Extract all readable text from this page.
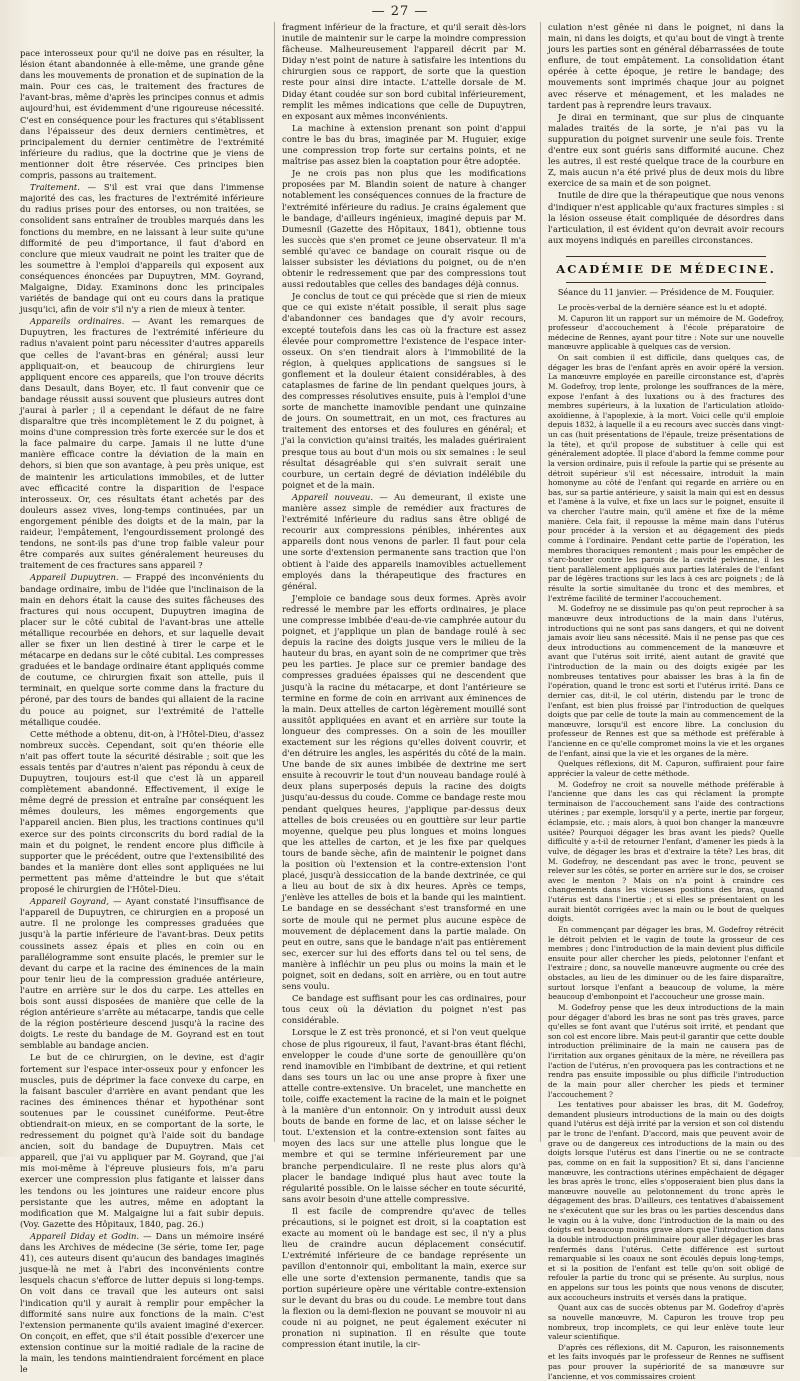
— 27 —

pace interosseux pour qu'il ne doive pas en résulter, la lésion étant abandonnée à elle-même, une grande gêne dans les mouvements de pronation et de supination de la main. Pour ces cas, le traitement des fractures de l'avant-bras, même d'après les principes connus et admis aujourd'hui, est évidemment d'une rigoureuse nécessité. C'est en conséquence pour les fractures qui s'établissent dans l'épaisseur des deux derniers centimètres, et principalement du dernier centimètre de l'extrémité inférieure du radius, que la doctrine que je viens de mentionner doit être réservée. Ces principes bien compris, passons au traitement.

Traitement. — S'il est vrai que dans l'immense majorité des cas, les fractures de l'extrémité inférieure du radius prises pour des entorses, ou non traitées, se consolident sans entraîner de troubles marqués dans les fonctions du membre, en ne laissant à leur suite qu'une difformité de peu d'importance, il faut d'abord en conclure que mieux vaudrait ne point les traiter que de les soumettre à l'emploi d'appareils qui exposent aux conséquences énoncées par Dupuytren, MM. Goyrand, Malgaigne, Diday. Examinons donc les principales variétés de bandage qui ont eu cours dans la pratique jusqu'ici, afin de voir s'il n'y a rien de mieux à tenter.

Appareils ordinaires. — Avant les remarques de Dupuytren, les fractures de l'extrémité inférieure du radius n'avaient point paru nécessiter d'autres appareils que celles de l'avant-bras en général; aussi leur appliquait-on, et beaucoup de chirurgiens leur appliquent encore ces appareils, que l'on trouve décrits dans Desault, dans Boyer, etc. Il faut convenir que ce bandage réussit aussi souvent que plusieurs autres dont j'aurai à parler ; il a cependant le défaut de ne faire disparaître que très incomplètement le Z du poignet, à moins d'une compression très forte exercée sur le dos et la face palmaire du carpe. Jamais il ne lutte d'une manière efficace contre la déviation de la main en dehors, si bien que son avantage, à peu près unique, est de maintenir les articulations immobiles, et de lutter avec efficacité contre la disparition de l'espace interosseux. Or, ces résultats étant achetés par des douleurs assez vives, long-temps continuées, par un engorgement pénible des doigts et de la main, par la raideur, l'empâtement, l'engourdissement prolongé des tendons, ne sont-ils pas d'une trop faible valeur pour être comparés aux suites généralement heureuses du traitement de ces fractures sans appareil ?

Appareil Dupuytren. — Frappé des inconvénients du bandage ordinaire, imbu de l'idée que l'inclinaison de la main en dehors était la cause des suites fâcheuses des fractures qui nous occupent, Dupuytren imagina de placer sur le côté cubital de l'avant-bras une attelle métallique recourbée en dehors, et sur laquelle devait aller se fixer un lien destiné à tirer le carpe et le métacarpe en dedans sur le côté cubital. Les compresses graduées et le bandage ordinaire étant appliqués comme de coutume, ce chirurgien fixait son attelle, puis il terminait, en quelque sorte comme dans la fracture du péroné, par des tours de bandes qui allaient de la racine du pouce au poignet, sur l'extrémité de l'attelle métallique coudée.

Cette méthode a obtenu, dit-on, à l'Hôtel-Dieu, d'assez nombreux succès. Cependant, soit qu'en théorie elle n'ait pas offert toute la sécurité désirable ; soit que les essais tentés par d'autres n'aient pas répondu à ceux de Dupuytren, toujours est-il que c'est là un appareil complètement abandonné. Effectivement, il exige le même degré de pression et entraîne par conséquent les mêmes douleurs, les mêmes engorgements que l'appareil ancien. Bien plus, les tractions continues qu'il exerce sur des points circonscrits du bord radial de la main et du poignet, le rendent encore plus difficile à supporter que le précédent, outre que l'extensibilité des bandes et la manière dont elles sont appliquées ne lui permettent pas même d'atteindre le but que s'était proposé le chirurgien de l'Hôtel-Dieu.

Appareil Goyrand, — Ayant constaté l'insuffisance de l'appareil de Dupuytren, ce chirurgien en a proposé un autre. Il ne prolonge les compresses graduées que jusqu'à la partie inférieure de l'avant-bras. Deux petits coussinets assez épais et plies en coin ou en parallélogramme sont ensuite placés, le premier sur le devant du carpe et la racine des éminences de la main pour tenir lieu de la compression graduée antérieure, l'autre en arrière sur le dos du carpe. Les attelles en bois sont aussi disposées de manière que celle de la région antérieure s'arrête au métacarpe, tandis que celle de la région postérieure descend jusqu'à la racine des doigts. Le reste du bandage de M. Goyrand est en tout semblable au bandage ancien.

Le but de ce chirurgien, on le devine, est d'agir fortement sur l'espace inter-osseux pour y enfoncer les muscles, puis de déprimer la face convexe du carpe, en la faisant basculer d'arrière en avant pendant que les racines des éminences thénar et hypothénar sont soutenues par le coussinet cunéiforme. Peut-être obtiendrait-on mieux, en se comportant de la sorte, le redressement du poignet qu'à l'aide soit du bandage ancien, soit du bandage de Dupuytren. Mais cet appareil, que j'ai vu appliquer par M. Goyrand, que j'ai mis moi-même à l'épreuve plusieurs fois, m'a paru exercer une compression plus fatigante et laisser dans les tendons ou les jointures une raideur encore plus persistante que les autres, même en adoptant la modification que M. Malgaigne lui a fait subir depuis. (Voy. Gazette des Hôpitaux, 1840, pag. 26.)

Appareil Diday et Godin. — Dans un mémoire inséré dans les Archives de médecine (3e série, tome Ier, page 41), ces auteurs disent qu'aucun des bandages imaginés jusque-là ne met à l'abri des inconvénients contre lesquels chacun s'efforce de lutter depuis si long-temps. On voit dans ce travail que les auteurs ont saisi l'indication qu'il y aurait à remplir pour empêcher la difformité sans nuire aux fonctions de la main. C'est l'extension permanente qu'ils avaient imaginé d'exercer. On conçoit, en effet, que s'il était possible d'exercer une extension continue sur la moitié radiale de la racine de la main, les tendons maintiendraient forcément en place le

fragment inférieur de la fracture, et qu'il serait dès-lors inutile de maintenir sur le carpe la moindre compression fâcheuse. Malheureusement l'appareil décrit par M. Diday n'est point de nature à satisfaire les intentions du chirurgien sous ce rapport, de sorte que la question reste pour ainsi dire intacte. L'attelle dorsale de M. Diday étant coudée sur son bord cubital inférieurement, remplit les mêmes indications que celle de Dupuytren, en exposant aux mêmes inconvénients.

La machine à extension prenant son point d'appui contre le bas du bras, imaginée par M. Huguier, exige une compression trop forte sur certains points, et ne maîtrise pas assez bien la coaptation pour être adoptée.

Je ne crois pas non plus que les modifications proposées par M. Blandin soient de nature à changer notablement les conséquences connues de la fracture de l'extrémité inférieure du radius. Je crains également que le bandage, d'ailleurs ingénieux, imaginé depuis par M. Dumesnil (Gazette des Hôpitaux, 1841), obtienne tous les succès que s'en promet ce jeune observateur. Il m'a semblé qu'avec ce bandage on courait risque ou de laisser subsister les déviations du poignet, ou de n'en obtenir le redressement que par des compressions tout aussi redoutables que celles des bandages déjà connus.

Je conclus de tout ce qui précède que si rien de mieux que ce qui existe n'était possible, il serait plus sage d'abandonner ces bandages que d'y avoir recours, excepté toutefois dans les cas où la fracture est assez élevée pour compromettre l'existence de l'espace inter-osseux. On s'en tiendrait alors à l'immobilité de la région, à quelques applications de sangsues si le gonflement et la douleur étaient considérables, à des cataplasmes de farine de lin pendant quelques jours, à des compresses résolutives ensuite, puis à l'emploi d'une sorte de manchette inamovible pendant une quinzaine de jours. On soumettrait, en un mot, ces fractures au traitement des entorses et des foulures en général; et j'ai la conviction qu'ainsi traités, les malades guériraient presque tous au bout d'un mois ou six semaines : le seul résultat désagréable qui s'en suivrait serait une courbure, un certain degré de déviation indélébile du poignet et de la main.

Appareil nouveau. — Au demeurant, il existe une manière assez simple de remédier aux fractures de l'extrémité inférieure du radius sans être obligé de recourir aux compressions pénibles, inhérentes aux appareils dont nous venons de parler. Il faut pour cela une sorte d'extension permanente sans traction que l'on obtient à l'aide des appareils inamovibles actuellement employés dans la thérapeutique des fractures en général.

J'emploie ce bandage sous deux formes. Après avoir redressé le membre par les efforts ordinaires, je place une compresse imbibée d'eau-de-vie camphrée autour du poignet, et j'applique un plan de bandage roulé à sec depuis la racine des doigts jusque vers le milieu de la hauteur du bras, en ayant soin de ne comprimer que très peu les parties. Je place sur ce premier bandage des compresses graduées épaisses qui ne descendent que jusqu'à la racine du métacarpe, et dont l'antérieure se termine en forme de coin en arrivant aux éminences de la main. Deux attelles de carton légèrement mouillé sont aussitôt appliquées en avant et en arrière sur toute la longueur des compresses. On a soin de les mouiller exactement sur les régions qu'elles doivent couvrir, et d'en détruire les angles, les aspérités du côté de la main. Une bande de six aunes imbibée de dextrine me sert ensuite à recouvrir le tout d'un nouveau bandage roulé à deux plans superposés depuis la racine des doigts jusqu'au-dessus du coude. Comme ce bandage reste mou pendant quelques heures, j'applique par-dessus deux attelles de bois creusées ou en gouttière sur leur partie moyenne, quelque peu plus longues et moins longues que les attelles de carton, et je les fixe par quelques tours de bande sèche, afin de maintenir le poignet dans la position où l'extension et la contre-extension l'ont placé, jusqu'à dessiccation de la bande dextrinée, ce qui a lieu au bout de six à dix heures. Après ce temps, j'enlève les attelles de bois et la bande qui les maintient. Le bandage en se desséchant s'est transformé en une sorte de moule qui ne permet plus aucune espèce de mouvement de déplacement dans la partie malade. On peut en outre, sans que le bandage n'ait pas entièrement sec, exercer sur lui des efforts dans tel ou tel sens, de manière à infléchir un peu plus ou moins la main et le poignet, soit en dedans, soit en arrière, ou en tout autre sens voulu.

Ce bandage est suffisant pour les cas ordinaires, pour tous ceux où la déviation du poignet n'est pas considérable.

Lorsque le Z est très prononcé, et si l'on veut quelque chose de plus rigoureux, il faut, l'avant-bras étant fléchi, envelopper le coude d'une sorte de genouillère qu'on rend inamovible en l'imbibant de dextrine, et qui retient dans ses tours un lac ou une anse propre à fixer une attelle contre-extensive. Un bracelet, une manchette en toile, coiffe exactement la racine de la main et le poignet à la manière d'un entonnoir. On y introduit aussi deux bouts de bande en forme de lac, et on laisse sécher le tout. L'extension et la contre-extension sont faites au moyen des lacs sur une attelle plus longue que le membre et qui se termine inférieurement par une branche perpendiculaire. Il ne reste plus alors qu'à placer le bandage indiqué plus haut avec toute la régularité possible. On le laisse sécher en toute sécurité, sans avoir besoin d'une attelle compressive.

Il est facile de comprendre qu'avec de telles précautions, si le poignet est droit, si la coaptation est exacte au moment où le bandage est sec, il n'y a plus lieu de craindre aucun déplacement consécutif. L'extrémité inférieure de ce bandage représente un pavillon d'entonnoir qui, embolitant la main, exerce sur elle une sorte d'extension permanente, tandis que sa portion supérieure opère une véritable contre-extension sur le devant du bras ou du coude. Le membre tout dans la flexion ou la demi-flexion ne pouvant se mouvoir ni au coude ni au poignet, ne peut également exécuter ni pronation ni supination. Il en résulte que toute compression étant inutile, la cir-

culation n'est gênée ni dans le poignet, ni dans la main, ni dans les doigts, et qu'au bout de vingt à trente jours les parties sont en général débarrassées de toute enflure, de tout empâtement. La consolidation étant opérée à cette époque, je retire le bandage; des mouvements sont imprimés chaque jour au poignet avec réserve et ménagement, et les malades ne tardent pas à reprendre leurs travaux.

Je dirai en terminant, que sur plus de cinquante malades traités de la sorte, je n'ai pas vu la suppuration du poignet survenir une seule fois. Trente d'entre eux sont guéris sans difformité aucune. Chez les autres, il est resté quelque trace de la courbure en Z, mais aucun n'a été privé plus de deux mois du libre exercice de sa main et de son poignet.

Inutile de dire que la thérapeutique que nous venons d'indiquer n'est applicable qu'aux fractures simples : si la lésion osseuse était compliquée de désordres dans l'articulation, il est évident qu'on devrait avoir recours aux moyens indiqués en pareilles circonstances.

ACADÉMIE DE MÉDECINE.
Séance du 11 janvier. — Présidence de M. Fouquier.

Le procès-verbal de la dernière séance est lu et adopté.

M. Capuron lit un rapport sur un mémoire de M. Godefroy, professeur d'accouchement à l'école préparatoire de médecine de Rennes, ayant pour titre : Note sur une nouvelle manœuvre applicable à quelques cas de version.

On sait combien il est difficile, dans quelques cas, de dégager les bras de l'enfant après en avoir opéré la version. La manœuvre employée en pareille circonstance est, d'après M. Godefroy, trop lente, prolonge les souffrances de la mère, expose l'enfant à des luxations ou à des fractures des membres supérieurs, à la luxation de l'articulation atloïdo-axoïdienne, à l'apoplexie, à la mort. Voici celle qu'il emploie depuis 1832, à laquelle il a eu recours avec succès dans vingt-un cas (huit présentations de l'épaule, treize présentations de la tête), et qu'il propose de substituer à celle qui est généralement adoptée. Il place d'abord la femme comme pour la version ordinaire, puis il refoule la partie qui se présente au détroit supérieur s'il est nécessaire, introduit la main homonyme au côté de l'enfant qui regarde en arrière ou en bas, sur sa partie antérieure, y saisit la main qui est en dessus et l'amène à la vulve, et fixe un lacs sur le poignet, ensuite il va chercher l'autre main, qu'il amène et fixe de la même manière. Cela fait, il repousse la même main dans l'utérus pour procéder à la version et au dégagement des pieds comme à l'ordinaire. Pendant cette partie de l'opération, les membres thoraciques remontent ; mais pour les empêcher de s'arc-bouter contre les parois de la cavité pelvienne, il les tient parallèlement appliqués aux parties latérales de l'enfant par de légères tractions sur les lacs à ces arc poignets ; de là résulte la sortie simultanée du tronc et des membres, et l'extrême facilité de terminer l'accouchement.

M. Godefroy ne se dissimule pas qu'on peut reprocher à sa manœuvre deux introductions de la main dans l'utérus, introductions qui ne sont pas sans dangers, et qui ne doivent jamais avoir lieu sans nécessité. Mais il ne pense pas que ces deux introductions au commencement de la manœuvre et avant que l'utérus soit irrité, aient autant de gravité que l'introduction de la main ou des doigts exigée par les nombreuses tentatives pour abaisser les bras à la fin de l'opération, quand le tronc est sorti et l'utérus irrité. Dans ce dernier cas, dit-il, le col utérin, distendu par le tronc de l'enfant, est bien plus froissé par l'introduction de quelques doigts que par celle de toute la main au commencement de la manœuvre, lorsqu'il est encore libre. La conclusion du professeur de Rennes est que sa méthode est préférable à l'ancienne en ce qu'elle compromet moins la vie et les organes de l'enfant, ainsi que la vie et les organes de la mère.

Quelques réflexions, dit M. Capuron, suffiraient pour faire apprécier la valeur de cette méthode.

M. Godefroy ne croit sa nouvelle méthode préférable à l'ancienne que dans les cas qui réclament la prompte terminaison de l'accouchement sans l'aide des contractions utérines ; par exemple, lorsqu'il y a perte, inertie par forgeur, éclampsie, etc. ; mais alors, à quoi bon changer la manœuvre usitée? Pourquoi dégager les bras avant les pieds? Quelle difficulté y a-t-il de retourner l'enfant, d'amener les pieds à la vulve, de dégager les bras et d'extraire la tête? Les bras, dit M. Godefroy, ne descendant pas avec le tronc, peuvent se relever sur les côtés, se porter en arrière sur le dos, se croiser avec le menton ? Mais on n'a point à craindre ces changements dans les vicieuses positions des bras, quand l'utérus est dans l'inertie ; et si elles se présentaient on les aurait bientôt corrigées avec la main ou le bout de quelques doigts.

En commençant par dégager les bras, M. Godefroy rétrécit le détroit pelvien et le vagin de toute la grosseur de ces membres ; donc l'introduction de la main devient plus difficile ensuite pour aller chercher les pieds, pelotonner l'enfant et l'extraire ; donc, sa nouvelle manœuvre augmente ou crée des obstacles, au lieu de les diminuer ou de les faire disparaître, surtout lorsque l'enfant a beaucoup de volume, la mère beaucoup d'embonpoint et l'accoucheur une grosse main.

M. Godefroy pense que les deux introductions de la main pour dégager d'abord les bras ne sont pas très graves, parce qu'elles se font avant que l'utérus soit irrité, et pendant que son col est encore libre. Mais peut-il garantir que cette double introduction préliminaire de la main ne causera pas de l'irritation aux organes génitaux de la mère, ne réveillera pas l'action de l'utérus, n'en provoquera pas les contractions et ne rendra pas ensuite impossible ou plus difficile l'introduction de la main pour aller chercher les pieds et terminer l'accouchement ?

Les tentatives pour abaisser les bras, dit M. Godefroy, demandent plusieurs introductions de la main ou des doigts quand l'utérus est déjà irrité par la version et son col distendu par le tronc de l'enfant. D'accord, mais que peuvent avoir de grave ou de dangereux ces introductions de la main ou des doigts lorsque l'utérus est dans l'inertie ou ne se contracte pas, comme on en fait la supposition? Et si, dans l'ancienne manœuvre, les contractions utérines empêchaient de dégager les bras après le tronc, elles s'opposeraient bien plus dans la manœuvre nouvelle au pelotonnement du tronc après le dégagement des bras. D'ailleurs, ces tentatives d'abaissement ne s'exécutent que sur les bras ou les parties descendus dans le vagin ou à la vulve, donc l'introduction de la main ou des doigts est beaucoup moins grave alors que l'introduction dans la double introduction préliminaire pour aller dégager les bras renfermés dans l'utérus. Cette différence est surtout remarquable si les coaux ne sont écoulés depuis long-temps, et si la position de l'enfant est telle qu'on soit obligé de refouler la partie du tronc qui se présente. Au surplus, nous en appelons sur tous les points que nous venons de discuter, aux accoucheurs instruits et versés dans la pratique.

Quant aux cas de succès obtenus par M. Godefroy d'après sa nouvelle manœuvre, M. Capuron les trouve trop peu nombreux, trop incomplets, ce qui leur enlève toute leur valeur scientifique.

D'après ces réflexions, dit M. Capuron, les raisonnements et les faits invoqués par le professeur de Rennes ne suffisent pas pour prouver la supériorité de sa manœuvre sur l'ancienne, et vos commissaires croient
